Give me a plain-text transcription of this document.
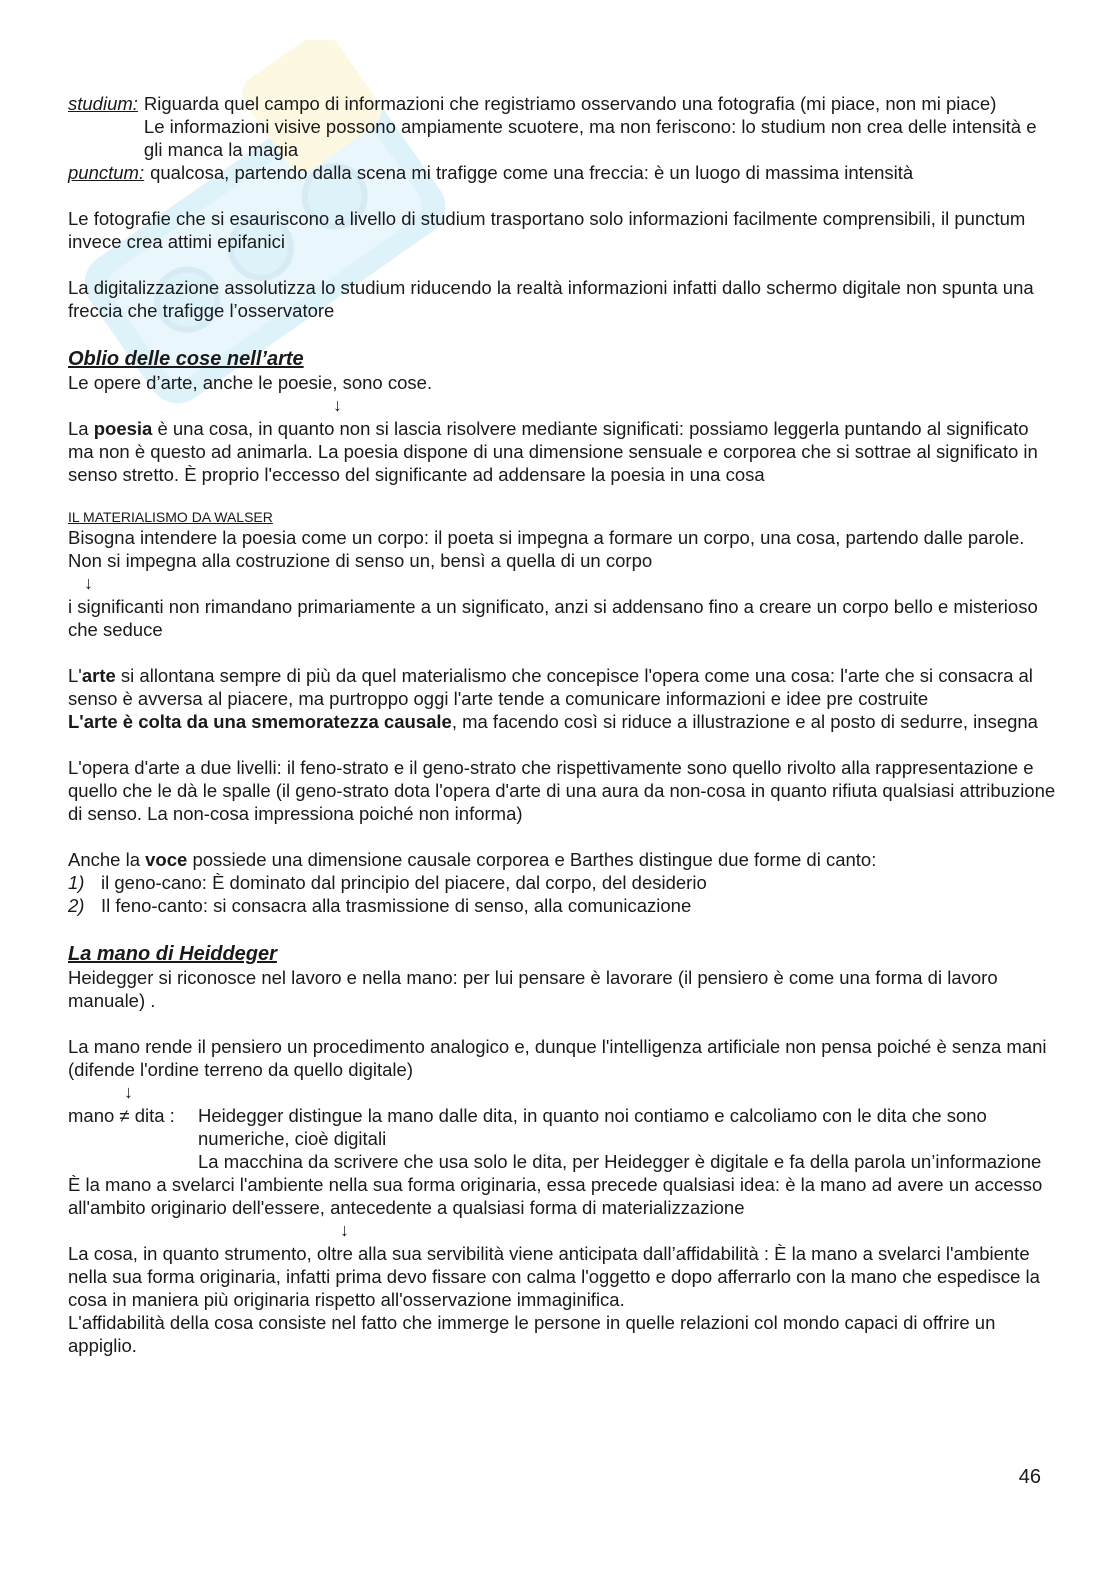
studium: Riguarda quel campo di informazioni che registriamo osservando una fotografia (mi piace, non mi piace)

Le informazioni visive possono ampiamente scuotere, ma non feriscono: lo studium non crea delle intensità e gli manca la magia

punctum: qualcosa, partendo dalla scena mi trafigge come una freccia: è un luogo di massima intensità

Le fotografie che si esauriscono a livello di studium trasportano solo informazioni facilmente comprensibili, il punctum invece crea attimi epifanici

La digitalizzazione assolutizza lo studium riducendo la realtà informazioni infatti dallo schermo digitale non spunta una freccia che trafigge l’osservatore

Oblio delle cose nell’arte

Le opere d’arte, anche le poesie, sono cose.

↓

La poesia è una cosa, in quanto non si lascia risolvere mediante significati: possiamo leggerla puntando al significato ma non è questo ad animarla. La poesia dispone di una dimensione sensuale e corporea che si sottrae al significato in senso stretto. È proprio l'eccesso del significante ad addensare la poesia in una cosa

IL MATERIALISMO DA WALSER

Bisogna intendere la poesia come un corpo: il poeta si impegna a formare un corpo, una cosa, partendo dalle parole. Non si impegna alla costruzione di senso un, bensì a quella di un corpo

↓

i significanti non rimandano primariamente a un significato, anzi si addensano fino a creare un corpo bello e misterioso che seduce

L'arte si allontana sempre di più da quel materialismo che concepisce l'opera come una cosa: l'arte che si consacra al senso è avversa al piacere, ma purtroppo oggi l'arte tende a comunicare informazioni e idee pre costruite

L'arte è colta da una smemoratezza causale, ma facendo così si riduce a illustrazione e al posto di sedurre, insegna

L'opera d'arte a due livelli: il feno-strato e il geno-strato che rispettivamente sono quello rivolto alla rappresentazione e quello che le dà le spalle (il geno-strato dota l'opera d'arte di una aura da non-cosa in quanto rifiuta qualsiasi attribuzione di senso. La non-cosa impressiona poiché non informa)

Anche la voce possiede una dimensione causale corporea e Barthes distingue due forme di canto:

1) il geno-cano: È dominato dal principio del piacere, dal corpo, del desiderio
2) Il feno-canto: si consacra alla trasmissione di senso, alla comunicazione

La mano di Heiddeger

Heidegger si riconosce nel lavoro e nella mano: per lui pensare è lavorare (il pensiero è come una forma di lavoro manuale) .

La mano rende il pensiero un procedimento analogico e, dunque l'intelligenza artificiale non pensa poiché è senza mani (difende l'ordine terreno da quello digitale)

↓

mano ≠ dita :	Heidegger distingue la mano dalle dita, in quanto noi contiamo e calcoliamo con le dita che sono numeriche, cioè digitali

La macchina da scrivere che usa solo le dita, per Heidegger è digitale e fa della parola un’informazione

È la mano a svelarci l'ambiente nella sua forma originaria, essa precede qualsiasi idea: è la mano ad avere un accesso all'ambito originario dell'essere, antecedente a qualsiasi forma di materializzazione

↓

La cosa, in quanto strumento, oltre alla sua servibilità viene anticipata dall’affidabilità : È la mano a svelarci l'ambiente nella sua forma originaria, infatti prima devo fissare con calma l'oggetto e dopo afferrarlo con la mano che espedisce la cosa in maniera più originaria rispetto all'osservazione immaginifica.

L'affidabilità della cosa consiste nel fatto che immerge le persone in quelle relazioni col mondo capaci di offrire un appiglio.

46
